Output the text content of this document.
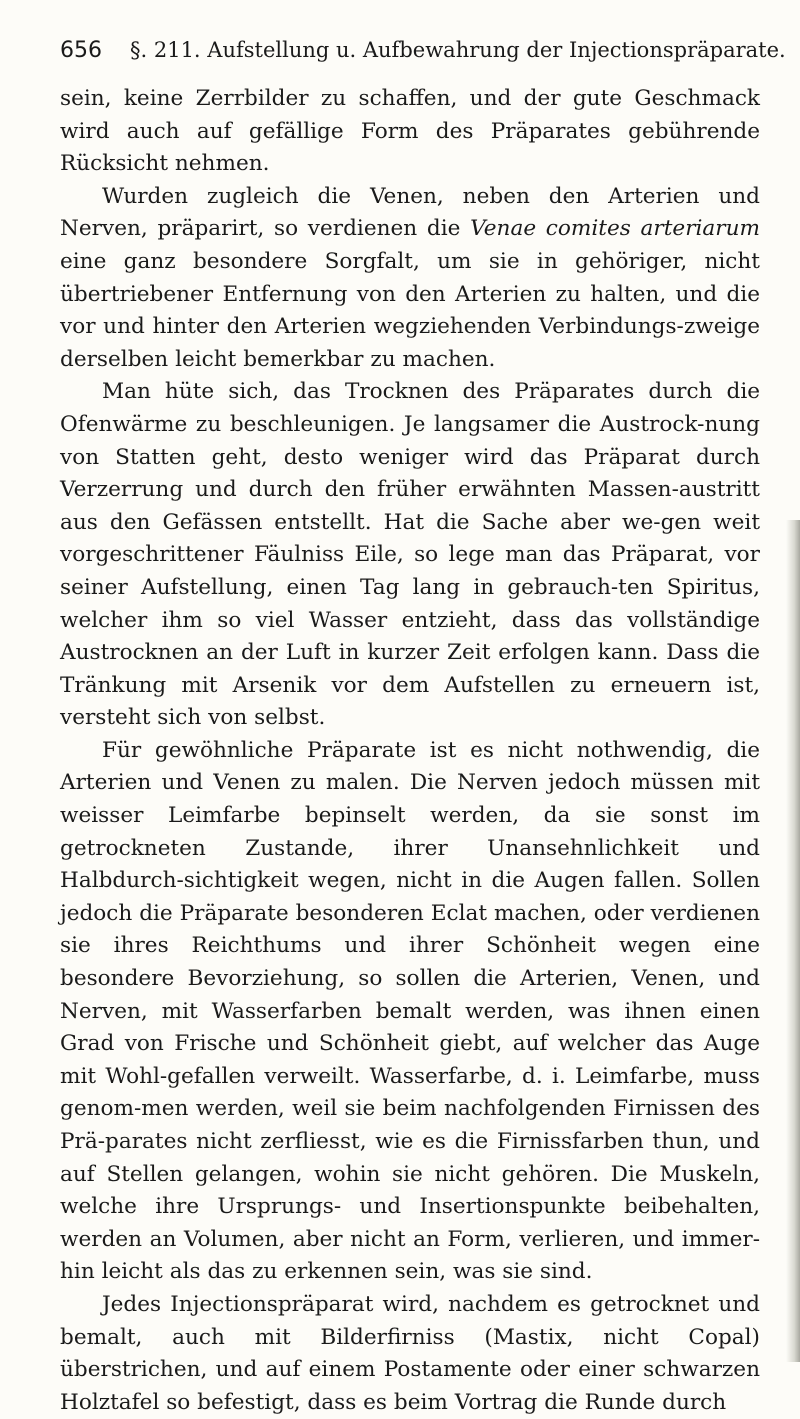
656 §. 211. Aufstellung u. Aufbewahrung der Injectionspräparate.

sein, keine Zerrbilder zu schaffen, und der gute Geschmack wird auch auf gefällige Form des Präparates gebührende Rücksicht nehmen.

Wurden zugleich die Venen, neben den Arterien und Nerven, präparirt, so verdienen die Venae comites arteriarum eine ganz besondere Sorgfalt, um sie in gehöriger, nicht übertriebener Entfernung von den Arterien zu halten, und die vor und hinter den Arterien wegziehenden Verbindungs-zweige derselben leicht bemerkbar zu machen.

Man hüte sich, das Trocknen des Präparates durch die Ofenwärme zu beschleunigen. Je langsamer die Austrock-nung von Statten geht, desto weniger wird das Präparat durch Verzerrung und durch den früher erwähnten Massen-austritt aus den Gefässen entstellt. Hat die Sache aber we-gen weit vorgeschrittener Fäulniss Eile, so lege man das Präparat, vor seiner Aufstellung, einen Tag lang in gebrauch-ten Spiritus, welcher ihm so viel Wasser entzieht, dass das vollständige Austrocknen an der Luft in kurzer Zeit erfolgen kann. Dass die Tränkung mit Arsenik vor dem Aufstellen zu erneuern ist, versteht sich von selbst.

Für gewöhnliche Präparate ist es nicht nothwendig, die Arterien und Venen zu malen. Die Nerven jedoch müssen mit weisser Leimfarbe bepinselt werden, da sie sonst im getrockneten Zustande, ihrer Unansehnlichkeit und Halbdurch-sichtigkeit wegen, nicht in die Augen fallen. Sollen jedoch die Präparate besonderen Eclat machen, oder verdienen sie ihres Reichthums und ihrer Schönheit wegen eine besondere Bevorziehung, so sollen die Arterien, Venen, und Nerven, mit Wasserfarben bemalt werden, was ihnen einen Grad von Frische und Schönheit giebt, auf welcher das Auge mit Wohl-gefallen verweilt. Wasserfarbe, d. i. Leimfarbe, muss genom-men werden, weil sie beim nachfolgenden Firnissen des Prä-parates nicht zerfliesst, wie es die Firnissfarben thun, und auf Stellen gelangen, wohin sie nicht gehören. Die Muskeln, welche ihre Ursprungs- und Insertionspunkte beibehalten, werden an Volumen, aber nicht an Form, verlieren, und immer-hin leicht als das zu erkennen sein, was sie sind.

Jedes Injectionspräparat wird, nachdem es getrocknet und bemalt, auch mit Bilderfirniss (Mastix, nicht Copal) überstrichen, und auf einem Postamente oder einer schwarzen Holztafel so befestigt, dass es beim Vortrag die Runde durch
